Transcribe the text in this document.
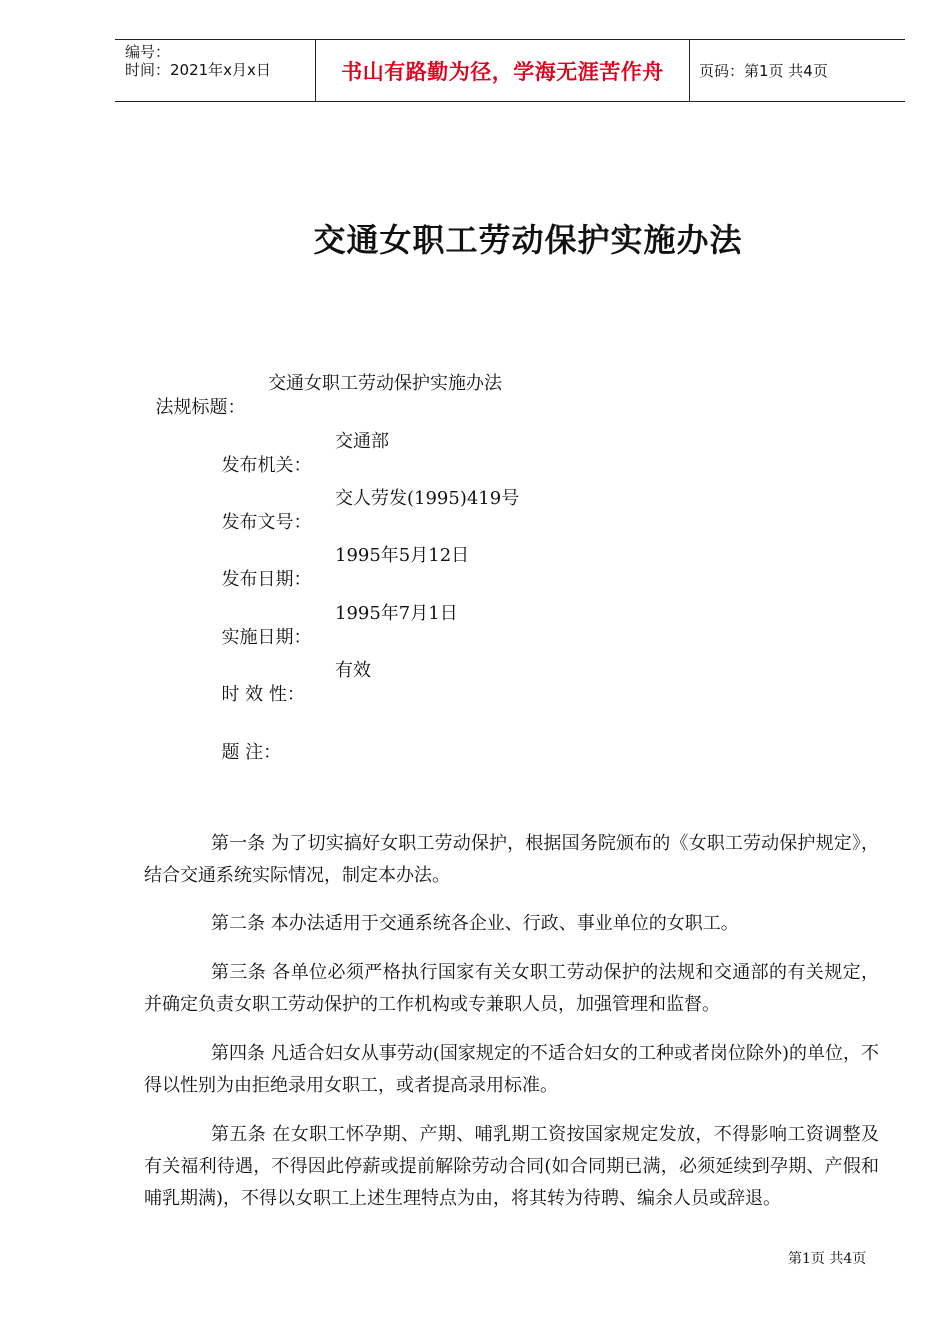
编号：
时间：2021年x月x日	书山有路勤为径，学海无涯苦作舟	页码：第1页 共4页
交通女职工劳动保护实施办法

法规标题：

交通女职工劳动保护实施办法

发布机关：

交通部

发布文号：

交人劳发(1995)419号

发布日期：

1995年5月12日

实施日期：

1995年7月1日

时 效 性：

有效

题 注：

第一条 为了切实搞好女职工劳动保护，根据国务院颁布的《女职工劳动保护规定》，结合交通系统实际情况，制定本办法。
第二条 本办法适用于交通系统各企业、行政、事业单位的女职工。
第三条 各单位必须严格执行国家有关女职工劳动保护的法规和交通部的有关规定，并确定负责女职工劳动保护的工作机构或专兼职人员，加强管理和监督。
第四条 凡适合妇女从事劳动(国家规定的不适合妇女的工种或者岗位除外)的单位，不得以性别为由拒绝录用女职工，或者提高录用标准。
第五条 在女职工怀孕期、产期、哺乳期工资按国家规定发放，不得影响工资调整及有关福利待遇，不得因此停薪或提前解除劳动合同(如合同期已满，必须延续到孕期、产假和哺乳期满)，不得以女职工上述生理特点为由，将其转为待聘、编余人员或辞退。
第1页 共4页
